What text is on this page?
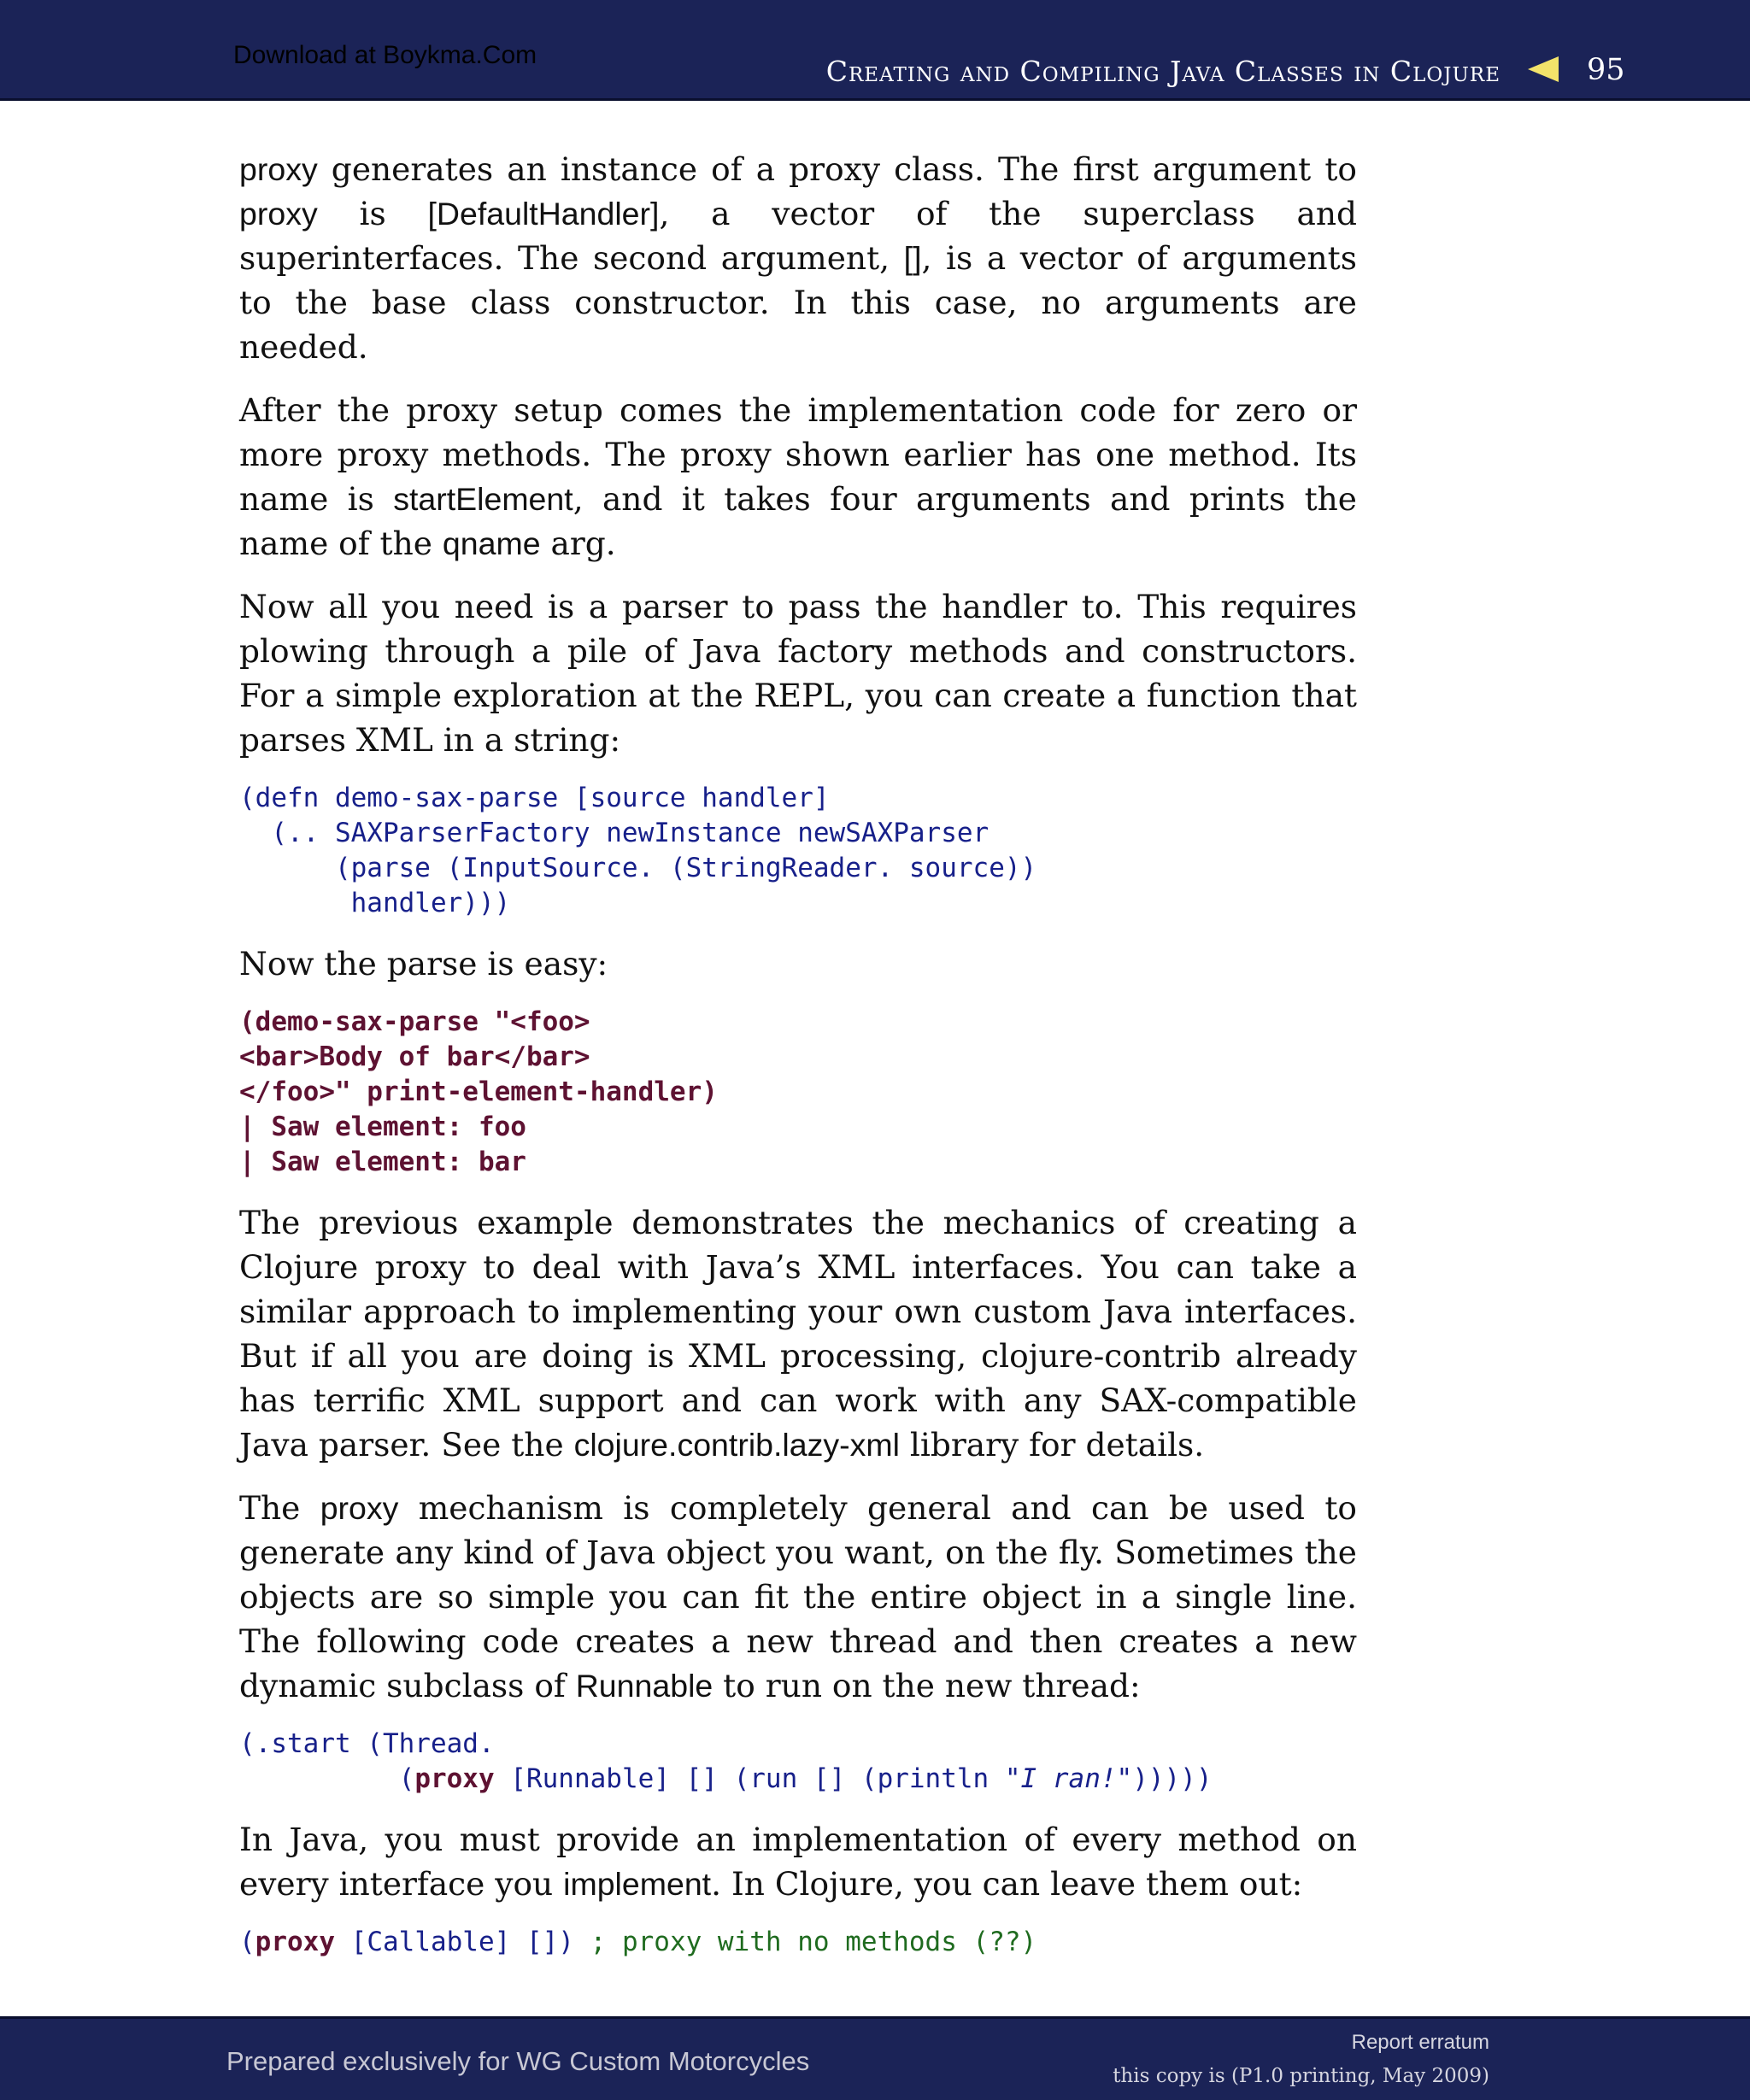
Download at Boykma.Com	Creating and Compiling Java Classes in Clojure	95

proxy generates an instance of a proxy class. The first argument to proxy is [DefaultHandler], a vector of the superclass and superinterfaces. The second argument, [], is a vector of arguments to the base class constructor. In this case, no arguments are needed.

After the proxy setup comes the implementation code for zero or more proxy methods. The proxy shown earlier has one method. Its name is startElement, and it takes four arguments and prints the name of the qname arg.

Now all you need is a parser to pass the handler to. This requires plowing through a pile of Java factory methods and constructors. For a simple exploration at the REPL, you can create a function that parses XML in a string:

(defn demo-sax-parse [source handler]
(.. SAXParserFactory newInstance newSAXParser
(parse (InputSource. (StringReader. source))
handler)))

Now the parse is easy:

(demo-sax-parse "<foo>
<bar>Body of bar</bar>
</foo>" print-element-handler)
| Saw element: foo
| Saw element: bar

The previous example demonstrates the mechanics of creating a Clojure proxy to deal with Java’s XML interfaces. You can take a similar approach to implementing your own custom Java interfaces. But if all you are doing is XML processing, clojure-contrib already has terrific XML support and can work with any SAX-compatible Java parser. See the clojure.contrib.lazy-xml library for details.

The proxy mechanism is completely general and can be used to generate any kind of Java object you want, on the fly. Sometimes the objects are so simple you can fit the entire object in a single line. The following code creates a new thread and then creates a new dynamic subclass of Runnable to run on the new thread:

(.start (Thread.
(proxy [Runnable] [] (run [] (println "I ran!")))))

In Java, you must provide an implementation of every method on every interface you implement. In Clojure, you can leave them out:

(proxy [Callable] []) ; proxy with no methods (??)
Prepared exclusively for WG Custom Motorcycles
Report erratum
this copy is (P1.0 printing, May 2009)
